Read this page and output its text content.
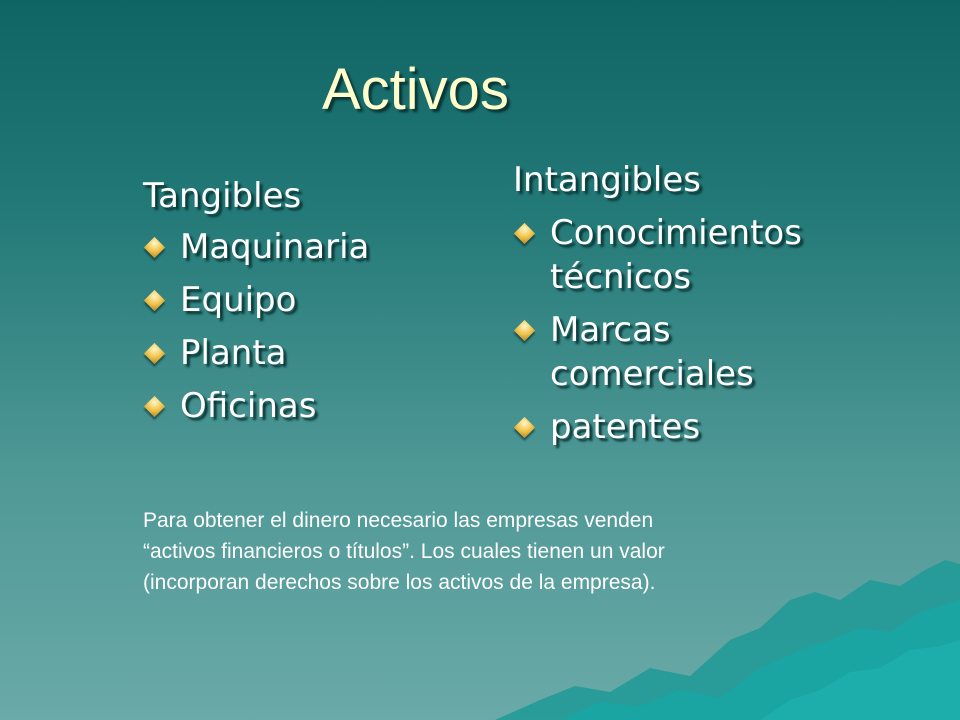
Activos
Tangibles
Maquinaria
Equipo
Planta
Oficinas
Intangibles
Conocimientos técnicos
Marcas comerciales
patentes

Para obtener el dinero necesario las empresas venden
“activos financieros o títulos”. Los cuales tienen un valor
(incorporan derechos sobre los activos de la empresa).
